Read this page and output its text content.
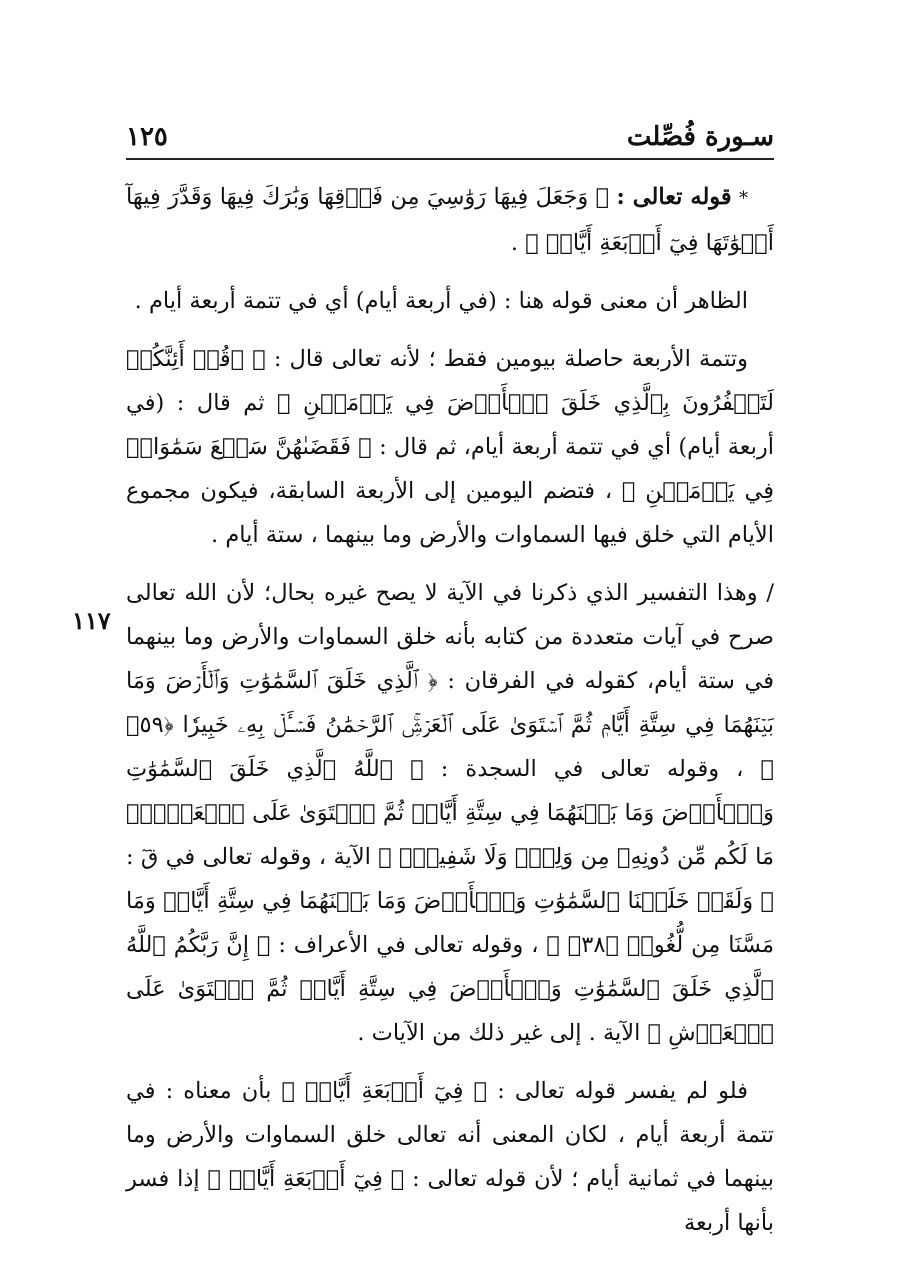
سـورة فُصِّلت
١٢٥
١١٧

* قوله تعالى : ﴿ وَجَعَلَ فِيهَا رَوَٰسِيَ مِن فَوۡقِهَا وَبَٰرَكَ فِيهَا وَقَدَّرَ فِيهَآ أَقۡوَٰتَهَا فِيٓ أَرۡبَعَةِ أَيَّامٖ ﴾ .

الظاهر أن معنى قوله هنا : (في أربعة أيام) أي في تتمة أربعة أيام .

وتتمة الأربعة حاصلة بيومين فقط ؛ لأنه تعالى قال : ﴿ ۞قُلۡ أَئِنَّكُمۡ لَتَكۡفُرُونَ بِٱلَّذِي خَلَقَ ٱلۡأَرۡضَ فِي يَوۡمَيۡنِ ﴾ ثم قال : (في أربعة أيام) أي في تتمة أربعة أيام، ثم قال : ﴿ فَقَضَىٰهُنَّ سَبۡعَ سَمَٰوَاتٖ فِي يَوۡمَيۡنِ ﴾ ، فتضم اليومين إلى الأربعة السابقة، فيكون مجموع الأيام التي خلق فيها السماوات والأرض وما بينهما ، ستة أيام .

/ وهذا التفسير الذي ذكرنا في الآية لا يصح غيره بحال؛ لأن الله تعالى صرح في آيات متعددة من كتابه بأنه خلق السماوات والأرض وما بينهما في ستة أيام، كقوله في الفرقان : ﴿ ٱلَّذِي خَلَقَ ٱلسَّمَٰوَٰتِ وَٱلۡأَرۡضَ وَمَا بَيۡنَهُمَا فِي سِتَّةِ أَيَّامٖ ثُمَّ ٱسۡتَوَىٰ عَلَى ٱلۡعَرۡشِۚ ٱلرَّحۡمَٰنُ فَسۡـَٔلۡ بِهِۦ خَبِيرٗا ﴿٥٩﴾ ﴾ ، وقوله تعالى في السجدة : ﴿ ٱللَّهُ ٱلَّذِي خَلَقَ ٱلسَّمَٰوَٰتِ وَٱلۡأَرۡضَ وَمَا بَيۡنَهُمَا فِي سِتَّةِ أَيَّامٖ ثُمَّ ٱسۡتَوَىٰ عَلَى ٱلۡعَرۡشِۖ مَا لَكُم مِّن دُونِهِۦ مِن وَلِيّٖ وَلَا شَفِيعٍۚ ﴾ الآية ، وقوله تعالى في قٓ : ﴿ وَلَقَدۡ خَلَقۡنَا ٱلسَّمَٰوَٰتِ وَٱلۡأَرۡضَ وَمَا بَيۡنَهُمَا فِي سِتَّةِ أَيَّامٖ وَمَا مَسَّنَا مِن لُّغُوبٖ ﴿٣٨﴾ ﴾ ، وقوله تعالى في الأعراف : ﴿ إِنَّ رَبَّكُمُ ٱللَّهُ ٱلَّذِي خَلَقَ ٱلسَّمَٰوَٰتِ وَٱلۡأَرۡضَ فِي سِتَّةِ أَيَّامٖ ثُمَّ ٱسۡتَوَىٰ عَلَى ٱلۡعَرۡشِ ﴾ الآية . إلى غير ذلك من الآيات .

فلو لم يفسر قوله تعالى : ﴿ فِيٓ أَرۡبَعَةِ أَيَّامٖ ﴾ بأن معناه : في تتمة أربعة أيام ، لكان المعنى أنه تعالى خلق السماوات والأرض وما بينهما في ثمانية أيام ؛ لأن قوله تعالى : ﴿ فِيٓ أَرۡبَعَةِ أَيَّامٖ ﴾ إذا فسر بأنها أربعة
